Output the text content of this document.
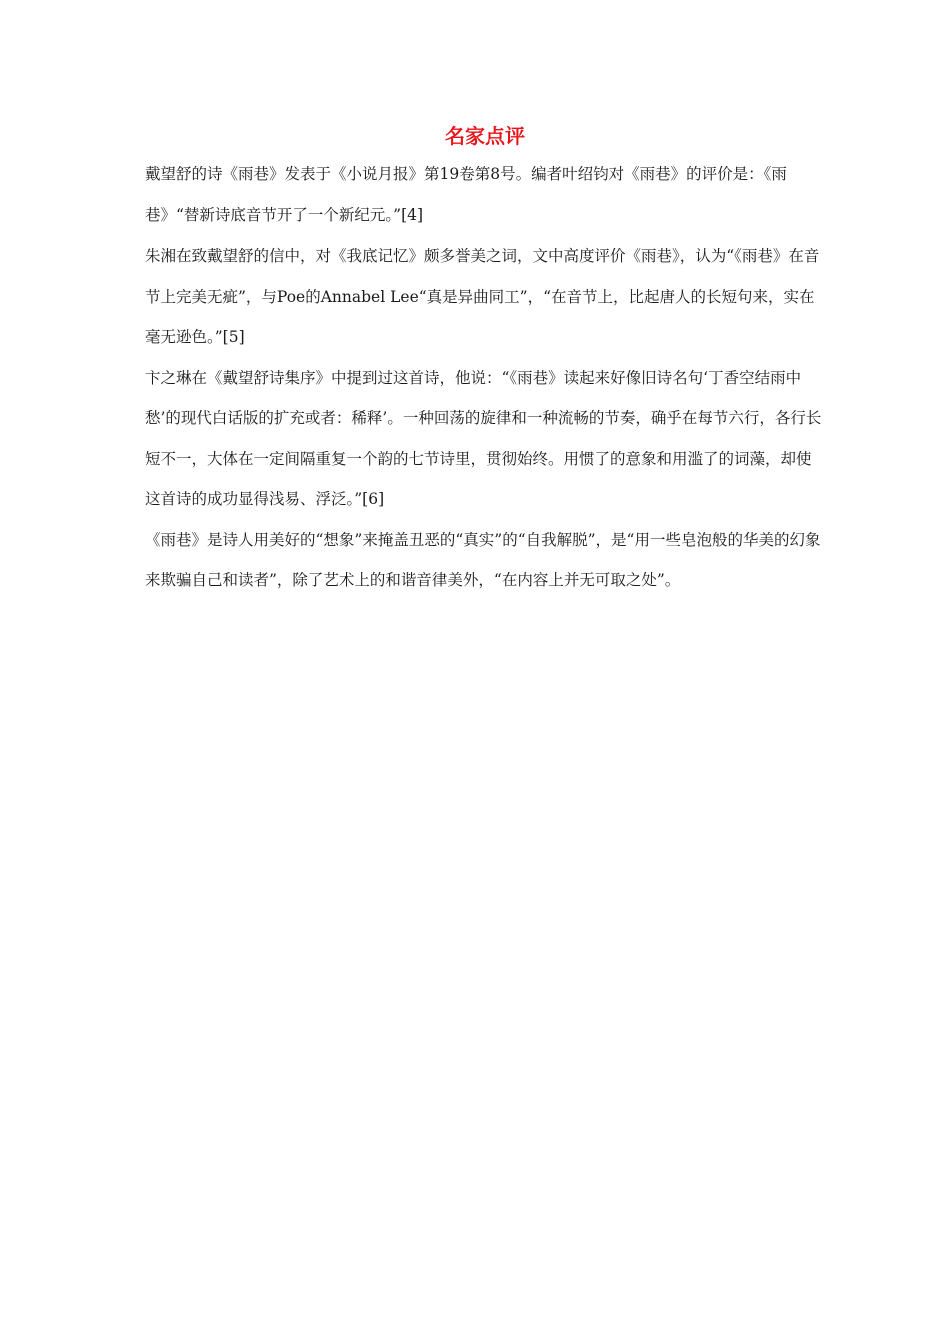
名家点评

戴望舒的诗《雨巷》发表于《小说月报》第19卷第8号。编者叶绍钧对《雨巷》的评价是：《雨巷》“替新诗底音节开了一个新纪元。”[4]

朱湘在致戴望舒的信中，对《我底记忆》颇多誉美之词，文中高度评价《雨巷》，认为“《雨巷》在音节上完美无疵”，与Poe的Annabel Lee“真是异曲同工”，“在音节上，比起唐人的长短句来，实在毫无逊色。”[5]

卞之琳在《戴望舒诗集序》中提到过这首诗，他说：“《雨巷》读起来好像旧诗名句‘丁香空结雨中愁’的现代白话版的扩充或者：稀释’。一种回荡的旋律和一种流畅的节奏，确乎在每节六行，各行长短不一，大体在一定间隔重复一个韵的七节诗里，贯彻始终。用惯了的意象和用滥了的词藻，却使这首诗的成功显得浅易、浮泛。”[6]

《雨巷》是诗人用美好的“想象”来掩盖丑恶的“真实”的“自我解脱”，是“用一些皂泡般的华美的幻象来欺骗自己和读者”，除了艺术上的和谐音律美外，“在内容上并无可取之处”。
